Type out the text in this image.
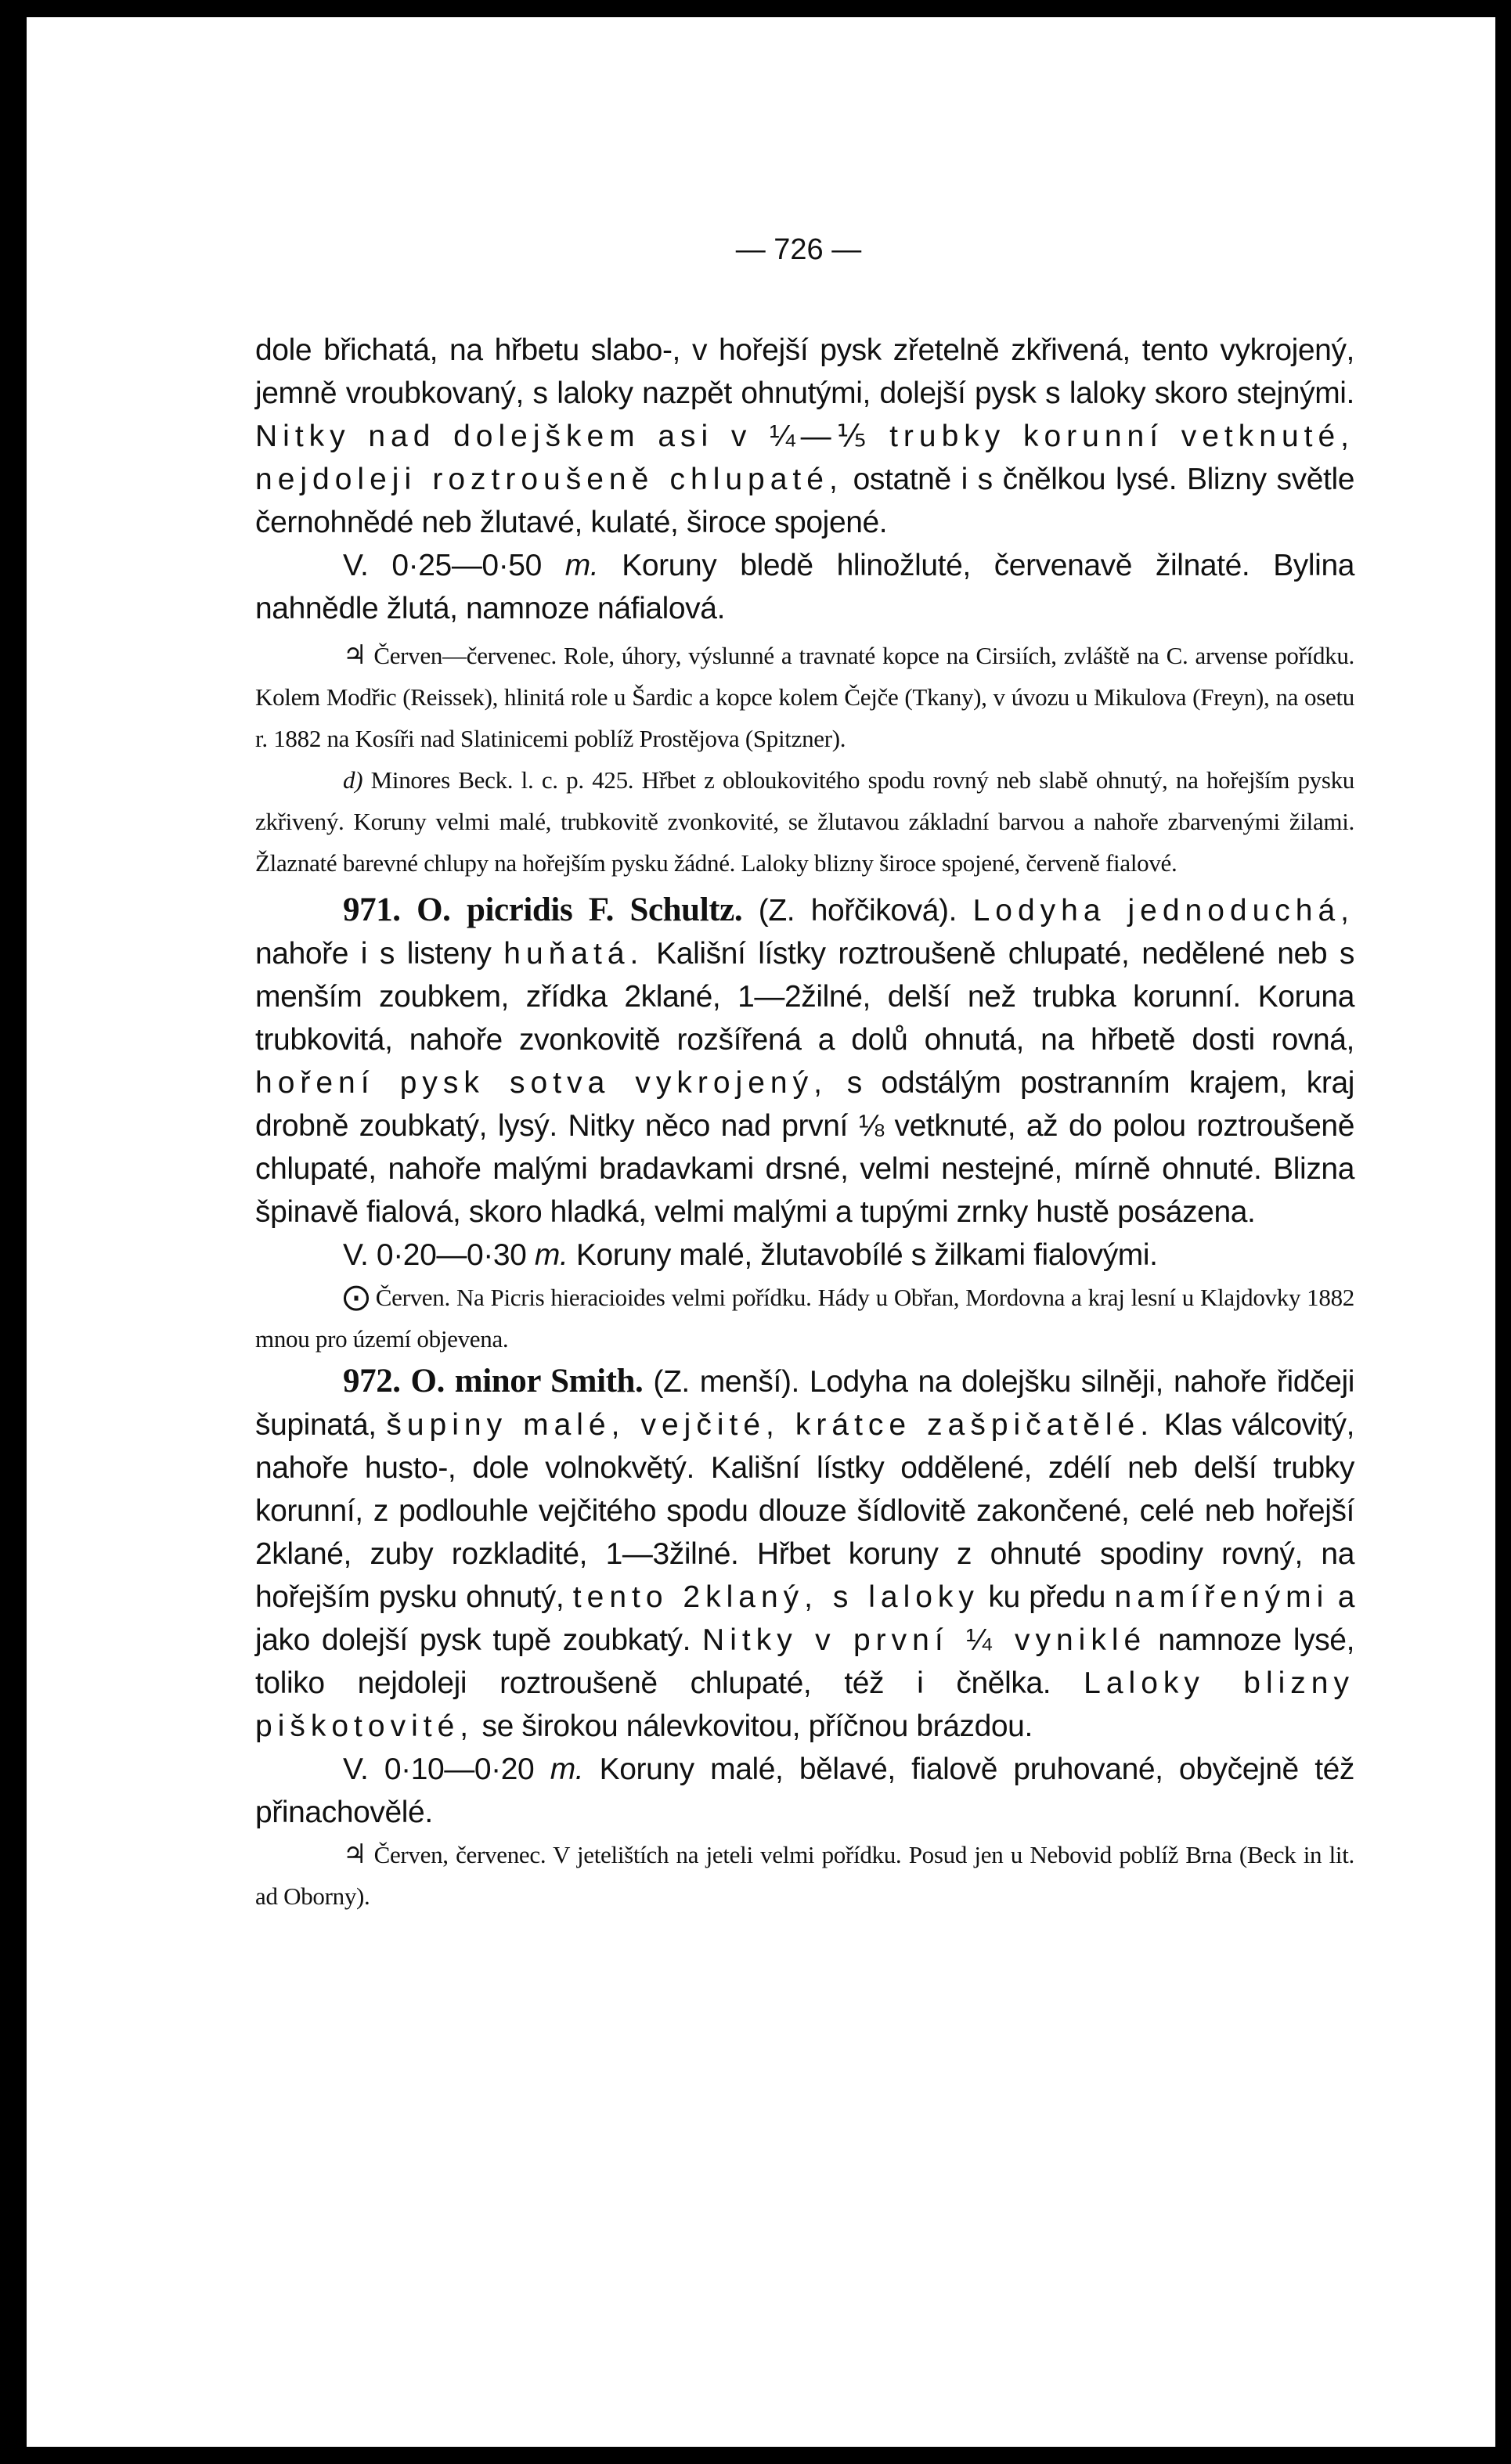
— 726 —

dole břichatá, na hřbetu slabo-, v hořejší pysk zřetelně zkřivená, tento vykrojený, jemně vroubkovaný, s laloky nazpět ohnutými, dolejší pysk s laloky skoro stejnými. Nitky nad dolejškem asi v ¼—⅕ trubky korunní vetknuté, nejdoleji roztroušeně chlupaté, ostatně i s čnělkou lysé. Blizny světle černohnědé neb žlutavé, kulaté, široce spojené.

V. 0·25—0·50 m. Koruny bledě hlinožluté, červenavě žilnaté. Bylina nahnědle žlutá, namnoze náfialová.

♃ Červen—červenec. Role, úhory, výslunné a travnaté kopce na Cirsiích, zvláště na C. arvense pořídku. Kolem Modřic (Reissek), hlinitá role u Šardic a kopce kolem Čejče (Tkany), v úvozu u Mikulova (Freyn), na osetu r. 1882 na Kosíři nad Slatinicemi poblíž Prostějova (Spitzner).

d) Minores Beck. l. c. p. 425. Hřbet z obloukovitého spodu rovný neb slabě ohnutý, na hořejším pysku zkřivený. Koruny velmi malé, trubkovitě zvonkovité, se žlutavou základní barvou a nahoře zbarvenými žilami. Žlaznaté barevné chlupy na hořejším pysku žádné. Laloky blizny široce spojené, červeně fialové.

971. O. picridis F. Schultz. (Z. hořčiková). Lodyha jednoduchá, nahoře i s listeny huňatá. Kališní lístky roztroušeně chlupaté, nedělené neb s menším zoubkem, zřídka 2klané, 1—2žilné, delší než trubka korunní. Koruna trubkovitá, nahoře zvonkovitě rozšířená a dolů ohnutá, na hřbetě dosti rovná, hoření pysk sotva vykrojený, s odstálým postranním krajem, kraj drobně zoubkatý, lysý. Nitky něco nad první ⅛ vetknuté, až do polou roztroušeně chlupaté, nahoře malými bradavkami drsné, velmi nestejné, mírně ohnuté. Blizna špinavě fialová, skoro hladká, velmi malými a tupými zrnky hustě posázena.

V. 0·20—0·30 m. Koruny malé, žlutavobílé s žilkami fialovými.

⨀ Červen. Na Picris hieracioides velmi pořídku. Hády u Obřan, Mordovna a kraj lesní u Klajdovky 1882 mnou pro území objevena.

972. O. minor Smith. (Z. menší). Lodyha na dolejšku silněji, nahoře řidčeji šupinatá, šupiny malé, vejčité, krátce zašpičatělé. Klas válcovitý, nahoře husto-, dole volnokvětý. Kališní lístky oddělené, zdélí neb delší trubky korunní, z podlouhle vejčitého spodu dlouze šídlovitě zakončené, celé neb hořejší 2klané, zuby rozkladité, 1—3žilné. Hřbet koruny z ohnuté spodiny rovný, na hořejším pysku ohnutý, tento 2klaný, s laloky ku předu namířenými a jako dolejší pysk tupě zoubkatý. Nitky v první ¼ vyniklé namnoze lysé, toliko nejdoleji roztroušeně chlupaté, též i čnělka. Laloky blizny piškotovité, se širokou nálevkovitou, příčnou brázdou.

V. 0·10—0·20 m. Koruny malé, bělavé, fialově pruhované, obyčejně též přinachovělé.

♃ Červen, červenec. V jetelištích na jeteli velmi pořídku. Posud jen u Nebovid poblíž Brna (Beck in lit. ad Oborny).
